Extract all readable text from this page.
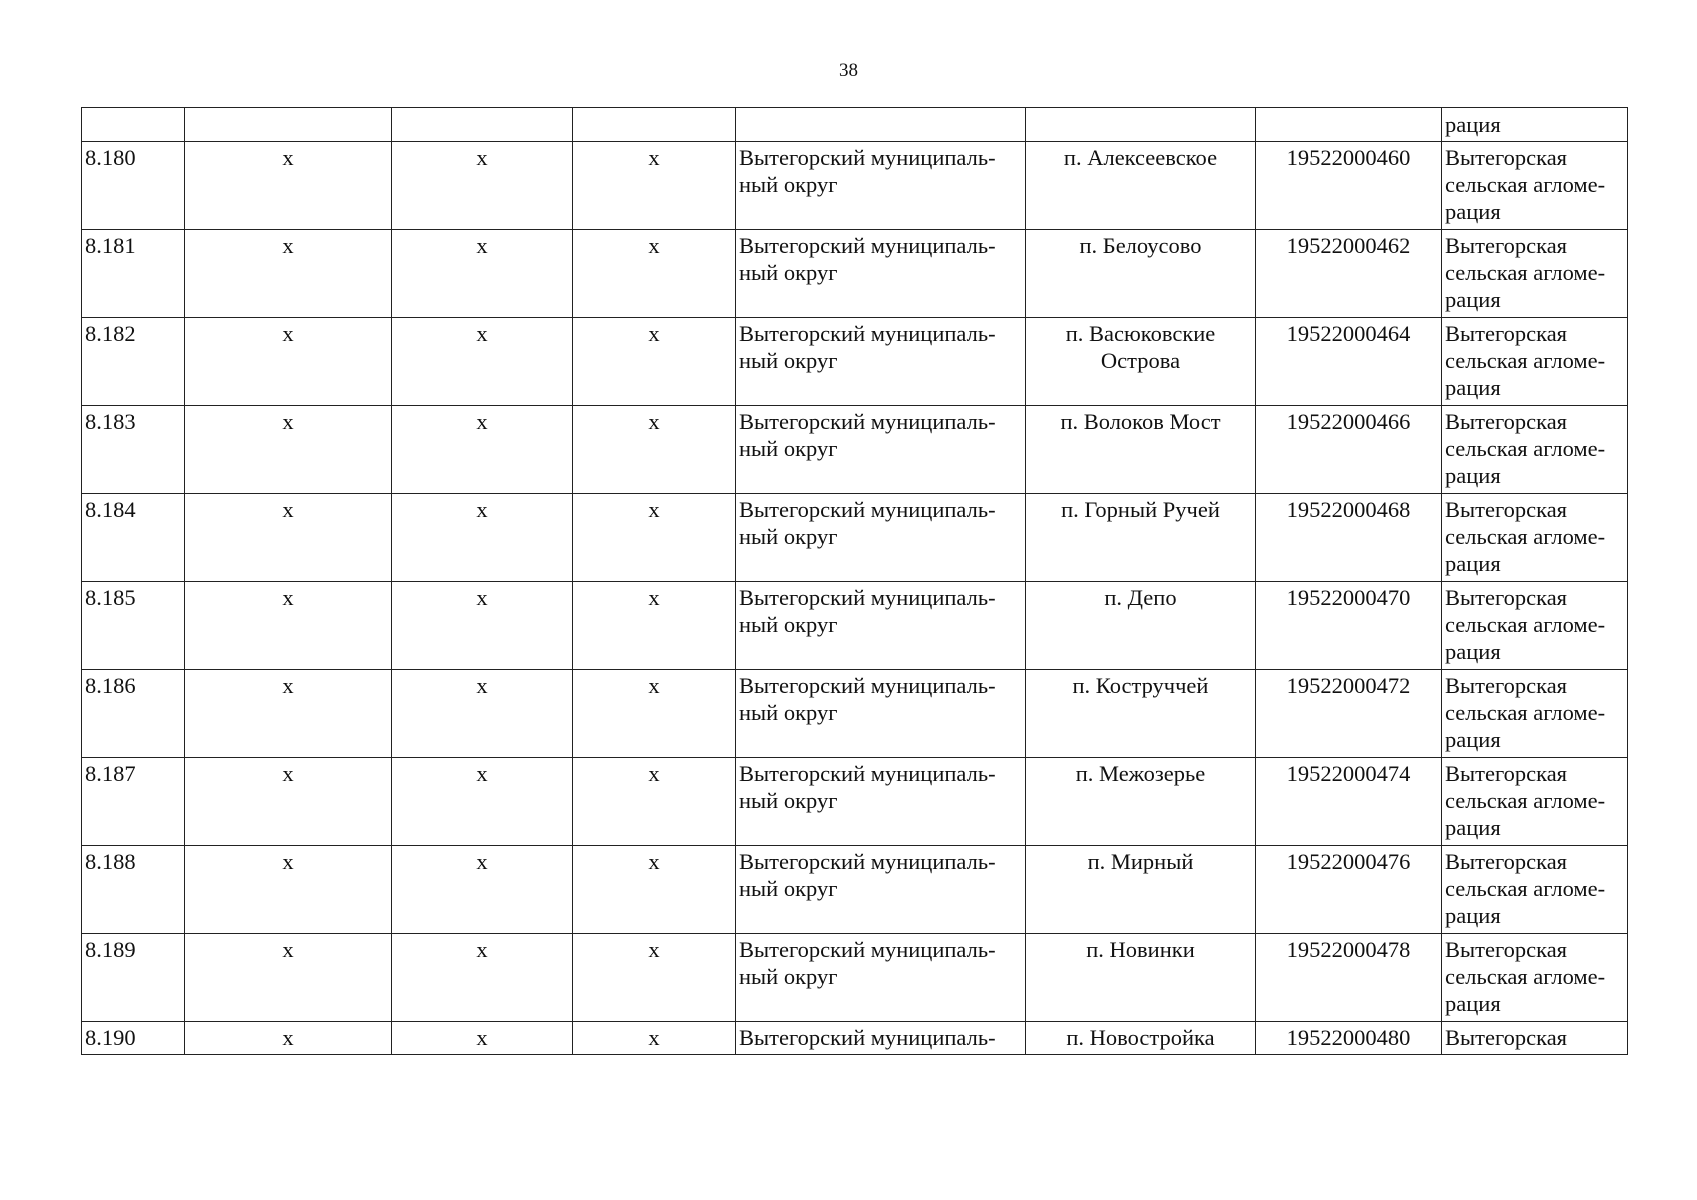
38
							рация
8.180	x	x	x	Вытегорский муниципаль-ный округ	п. Алексеевское	19522000460	Вытегорская сельская агломе-рация
8.181	x	x	x	Вытегорский муниципаль-ный округ	п. Белоусово	19522000462	Вытегорская сельская агломе-рация
8.182	x	x	x	Вытегорский муниципаль-ный округ	п. Васюковские Острова	19522000464	Вытегорская сельская агломе-рация
8.183	x	x	x	Вытегорский муниципаль-ный округ	п. Волоков Мост	19522000466	Вытегорская сельская агломе-рация
8.184	x	x	x	Вытегорский муниципаль-ный округ	п. Горный Ручей	19522000468	Вытегорская сельская агломе-рация
8.185	x	x	x	Вытегорский муниципаль-ный округ	п. Депо	19522000470	Вытегорская сельская агломе-рация
8.186	x	x	x	Вытегорский муниципаль-ный округ	п. Коструччей	19522000472	Вытегорская сельская агломе-рация
8.187	x	x	x	Вытегорский муниципаль-ный округ	п. Межозерье	19522000474	Вытегорская сельская агломе-рация
8.188	x	x	x	Вытегорский муниципаль-ный округ	п. Мирный	19522000476	Вытегорская сельская агломе-рация
8.189	x	x	x	Вытегорский муниципаль-ный округ	п. Новинки	19522000478	Вытегорская сельская агломе-рация
8.190	x	x	x	Вытегорский муниципаль-	п. Новостройка	19522000480	Вытегорская
